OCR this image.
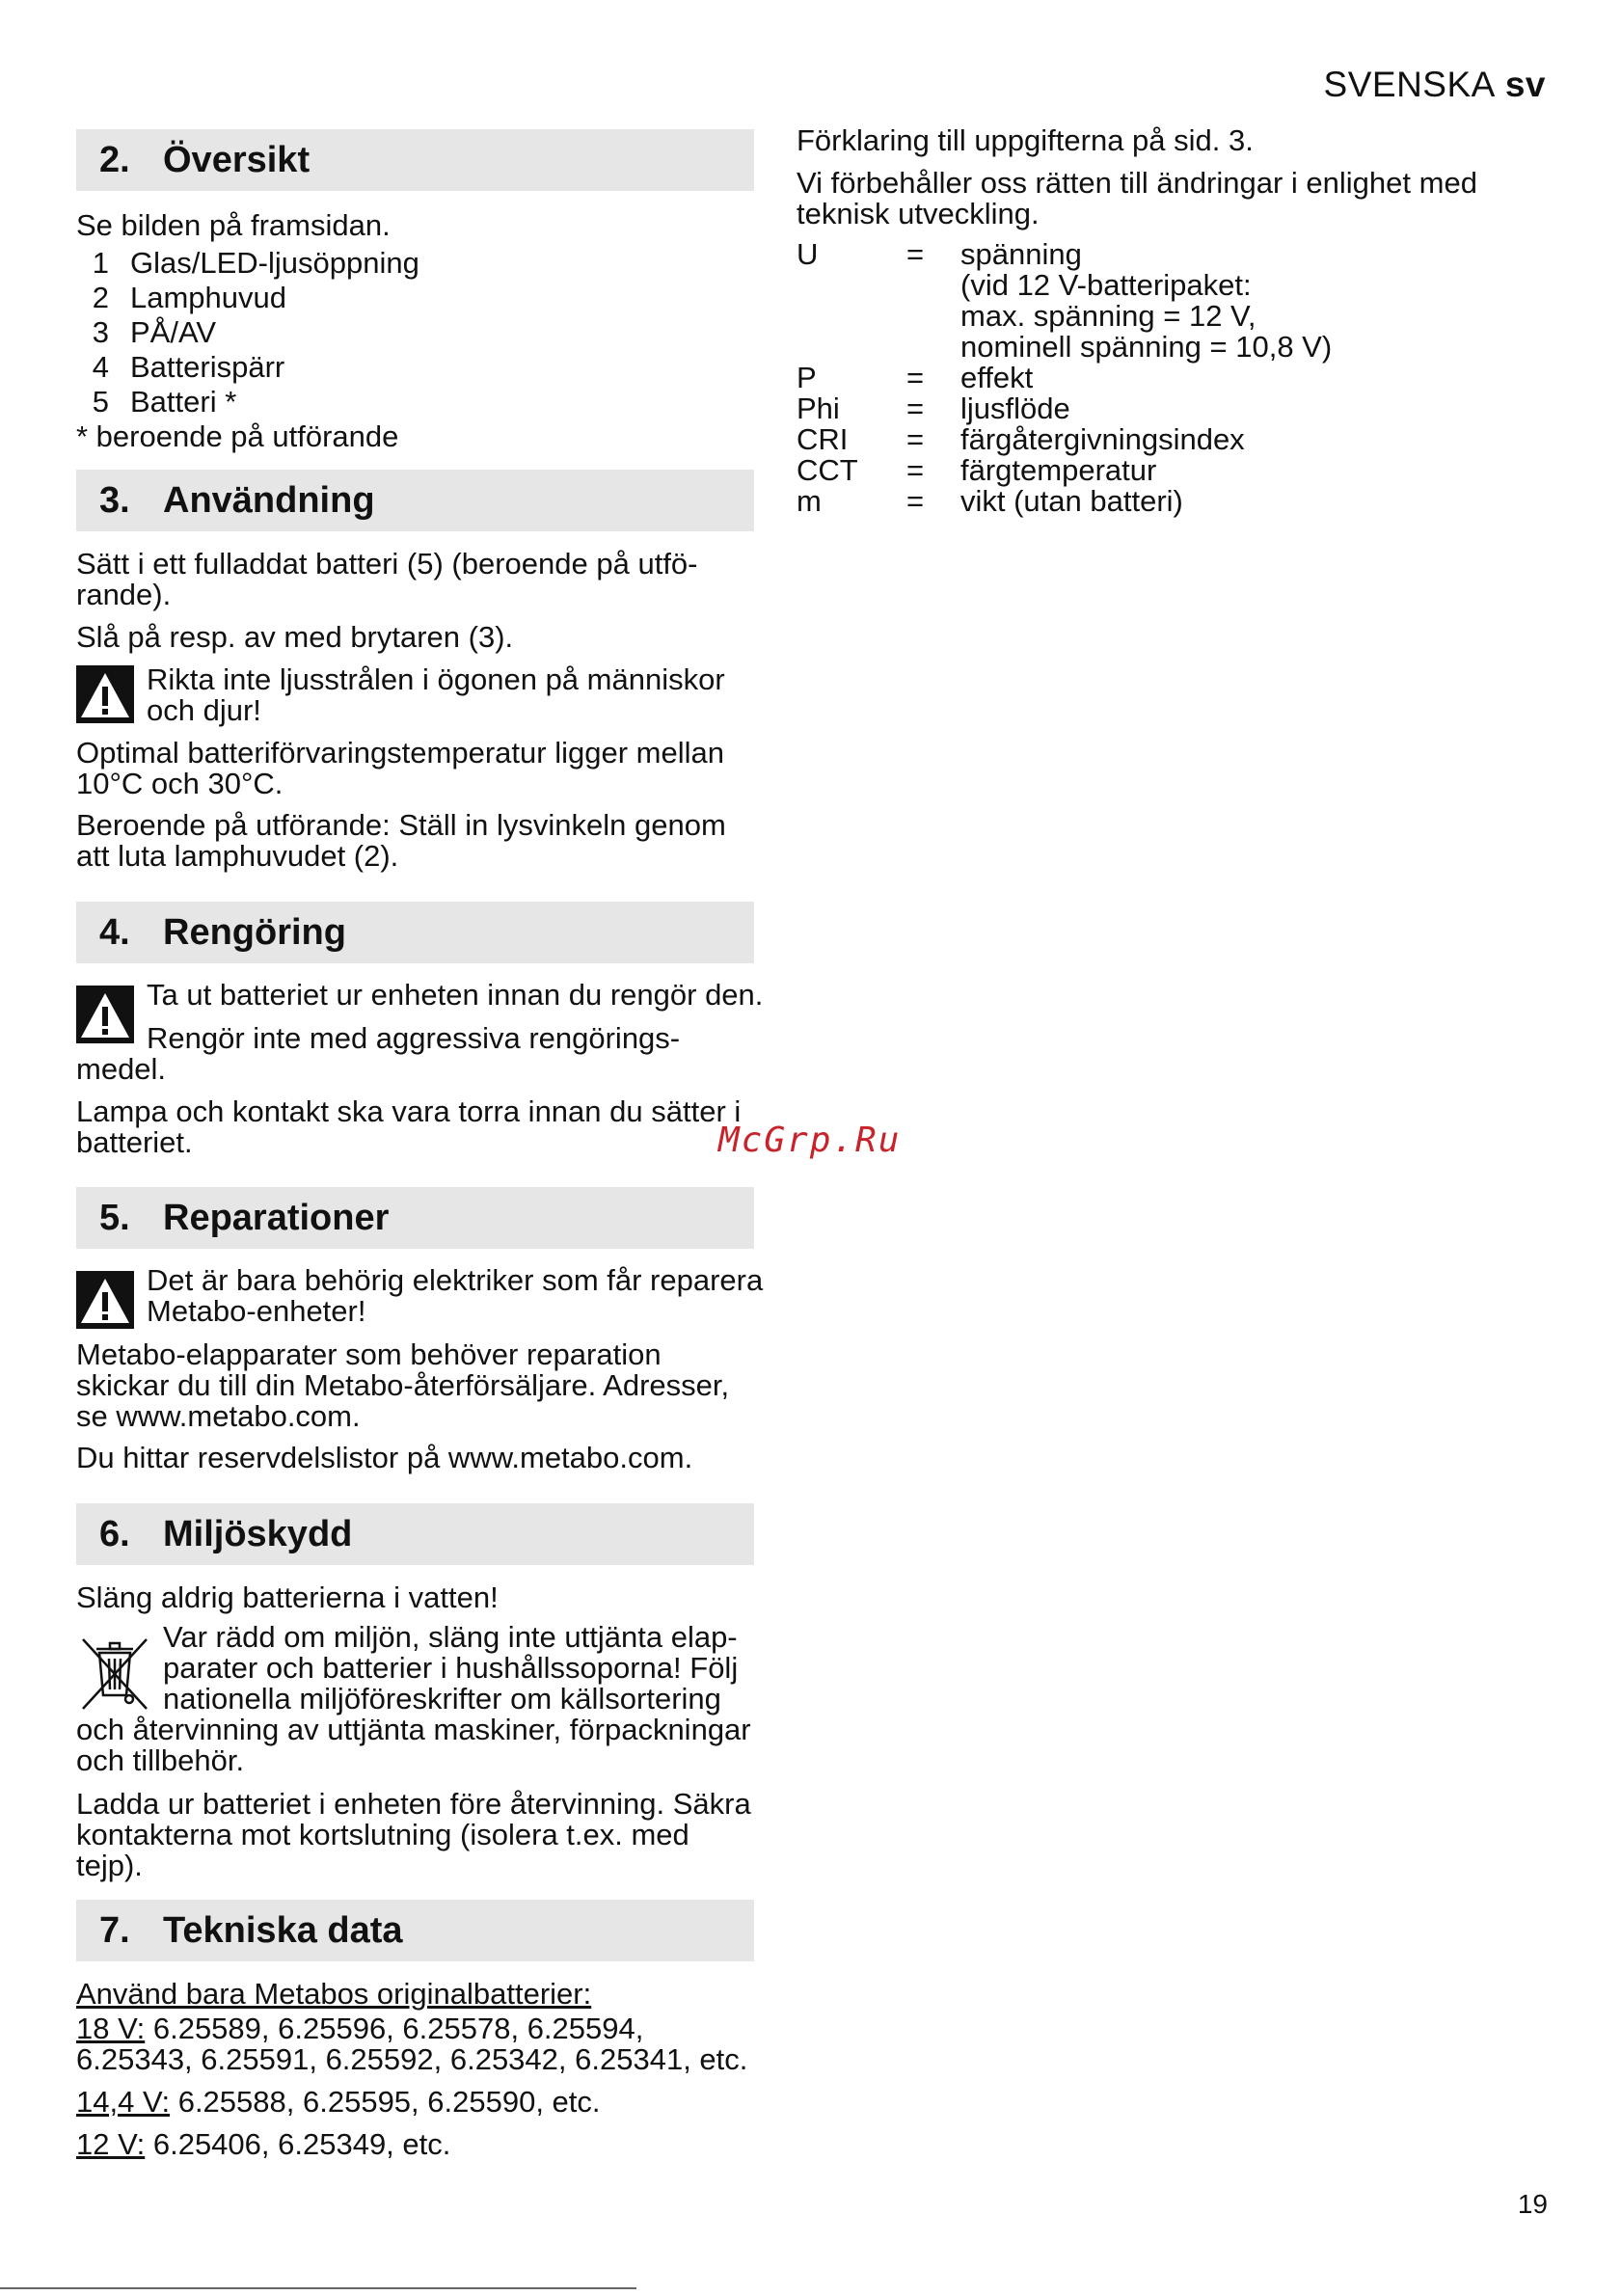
SVENSKA sv
2. Översikt

Se bilden på framsidan.

1 Glas/LED-ljusöppning
2 Lamphuvud
3 PÅ/AV
4 Batterispärr
5 Batteri *

* beroende på utförande

3. Användning

Sätt i ett fulladdat batteri (5) (beroende på utfö-

rande).

Slå på resp. av med brytaren (3).

Rikta inte ljusstrålen i ögonen på människor

och djur!

Optimal batteriförvaringstemperatur ligger mellan

10°C och 30°C.

Beroende på utförande: Ställ in lysvinkeln genom

att luta lamphuvudet (2).

4. Rengöring

Ta ut batteriet ur enheten innan du rengör den.

Rengör inte med aggressiva rengörings-

medel.

Lampa och kontakt ska vara torra innan du sätter i

batteriet.	McGrp.Ru
5. Reparationer

Det är bara behörig elektriker som får reparera

Metabo-enheter!

Metabo-elapparater som behöver reparation

skickar du till din Metabo-återförsäljare. Adresser,

se www.metabo.com.

Du hittar reservdelslistor på www.metabo.com.

6. Miljöskydd

Släng aldrig batterierna i vatten!

Var rädd om miljön, släng inte uttjänta elap-

parater och batterier i hushållssoporna! Följ

nationella miljöföreskrifter om källsortering

och återvinning av uttjänta maskiner, förpackningar

och tillbehör.

Ladda ur batteriet i enheten före återvinning. Säkra

kontakterna mot kortslutning (isolera t.ex. med

tejp).

7. Tekniska data

Använd bara Metabos originalbatterier:

18 V: 6.25589, 6.25596, 6.25578, 6.25594,

6.25343, 6.25591, 6.25592, 6.25342, 6.25341, etc.

14,4 V: 6.25588, 6.25595, 6.25590, etc.

12 V: 6.25406, 6.25349, etc.

Förklaring till uppgifterna på sid. 3.

Vi förbehåller oss rätten till ändringar i enlighet med

teknisk utveckling.

U	= spänning
(vid 12 V-batteripaket:
max. spänning = 12 V,
nominell spänning = 10,8 V)
P	= effekt
Phi = ljusflöde
CRI = färgåtergivningsindex
CCT = färgtemperatur
m	= vikt (utan batteri)
19
